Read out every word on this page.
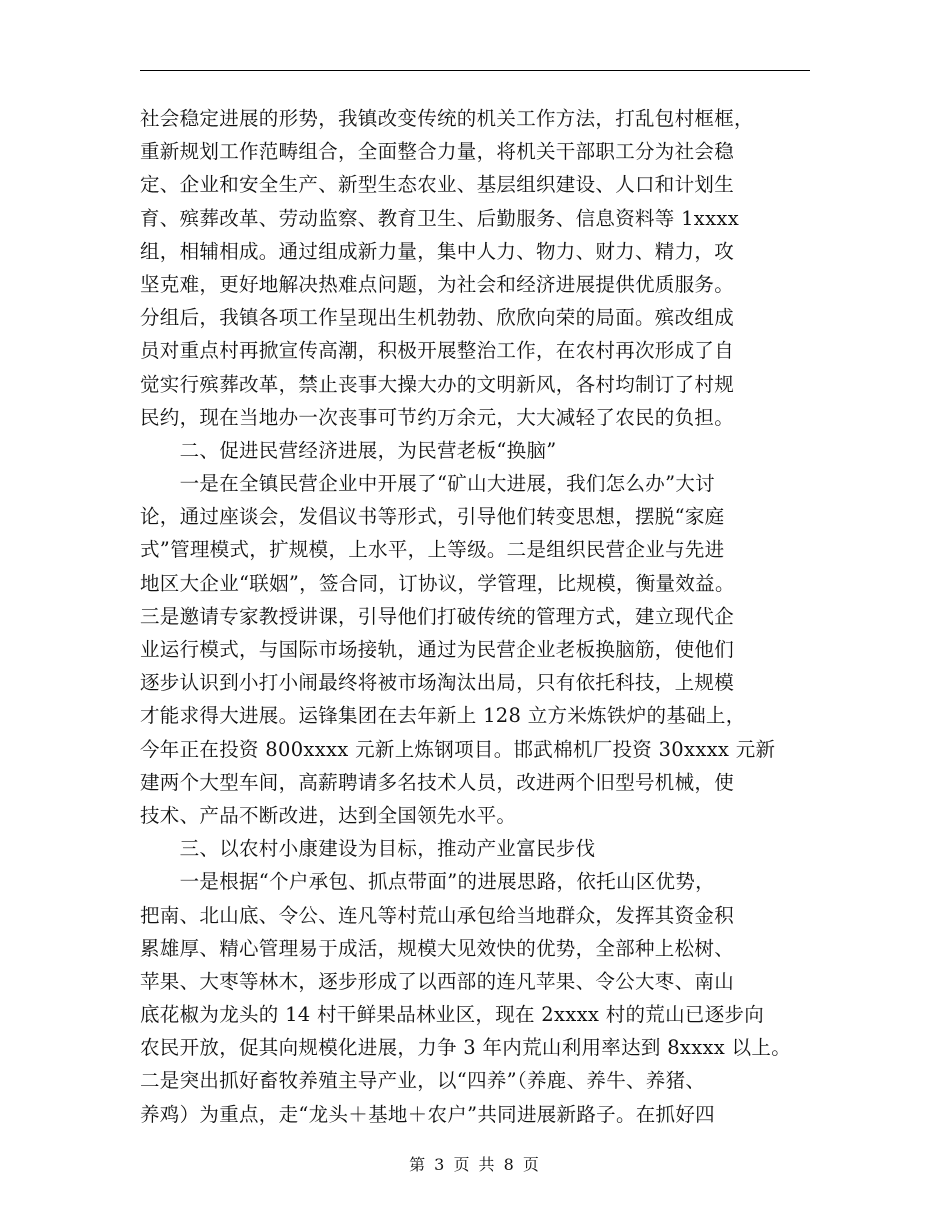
社会稳定进展的形势，我镇改变传统的机关工作方法，打乱包村框框，
重新规划工作范畴组合，全面整合力量，将机关干部职工分为社会稳
定、企业和安全生产、新型生态农业、基层组织建设、人口和计划生
育、殡葬改革、劳动监察、教育卫生、后勤服务、信息资料等 1xxxx
组，相辅相成。通过组成新力量，集中人力、物力、财力、精力，攻
坚克难，更好地解决热难点问题，为社会和经济进展提供优质服务。
分组后，我镇各项工作呈现出生机勃勃、欣欣向荣的局面。殡改组成
员对重点村再掀宣传高潮，积极开展整治工作，在农村再次形成了自
觉实行殡葬改革，禁止丧事大操大办的文明新风，各村均制订了村规
民约，现在当地办一次丧事可节约万余元，大大减轻了农民的负担。
　　二、促进民营经济进展，为民营老板“换脑”
　　一是在全镇民营企业中开展了“矿山大进展，我们怎么办”大讨
论，通过座谈会，发倡议书等形式，引导他们转变思想，摆脱“家庭
式”管理模式，扩规模，上水平，上等级。二是组织民营企业与先进
地区大企业“联姻”，签合同，订协议，学管理，比规模，衡量效益。
三是邀请专家教授讲课，引导他们打破传统的管理方式，建立现代企
业运行模式，与国际市场接轨，通过为民营企业老板换脑筋，使他们
逐步认识到小打小闹最终将被市场淘汰出局，只有依托科技，上规模
才能求得大进展。运锋集团在去年新上 128 立方米炼铁炉的基础上，
今年正在投资 800xxxx 元新上炼钢项目。邯武棉机厂投资 30xxxx 元新
建两个大型车间，高薪聘请多名技术人员，改进两个旧型号机械，使
技术、产品不断改进，达到全国领先水平。
　　三、以农村小康建设为目标，推动产业富民步伐
　　一是根据“个户承包、抓点带面”的进展思路，依托山区优势，
把南、北山底、令公、连凡等村荒山承包给当地群众，发挥其资金积
累雄厚、精心管理易于成活，规模大见效快的优势，全部种上松树、
苹果、大枣等林木，逐步形成了以西部的连凡苹果、令公大枣、南山
底花椒为龙头的 14 村干鲜果品林业区，现在 2xxxx 村的荒山已逐步向
农民开放，促其向规模化进展，力争 3 年内荒山利用率达到 8xxxx 以上。
二是突出抓好畜牧养殖主导产业，以“四养”（养鹿、养牛、养猪、
养鸡）为重点，走“龙头＋基地＋农户”共同进展新路子。在抓好四
第 3 页 共 8 页
